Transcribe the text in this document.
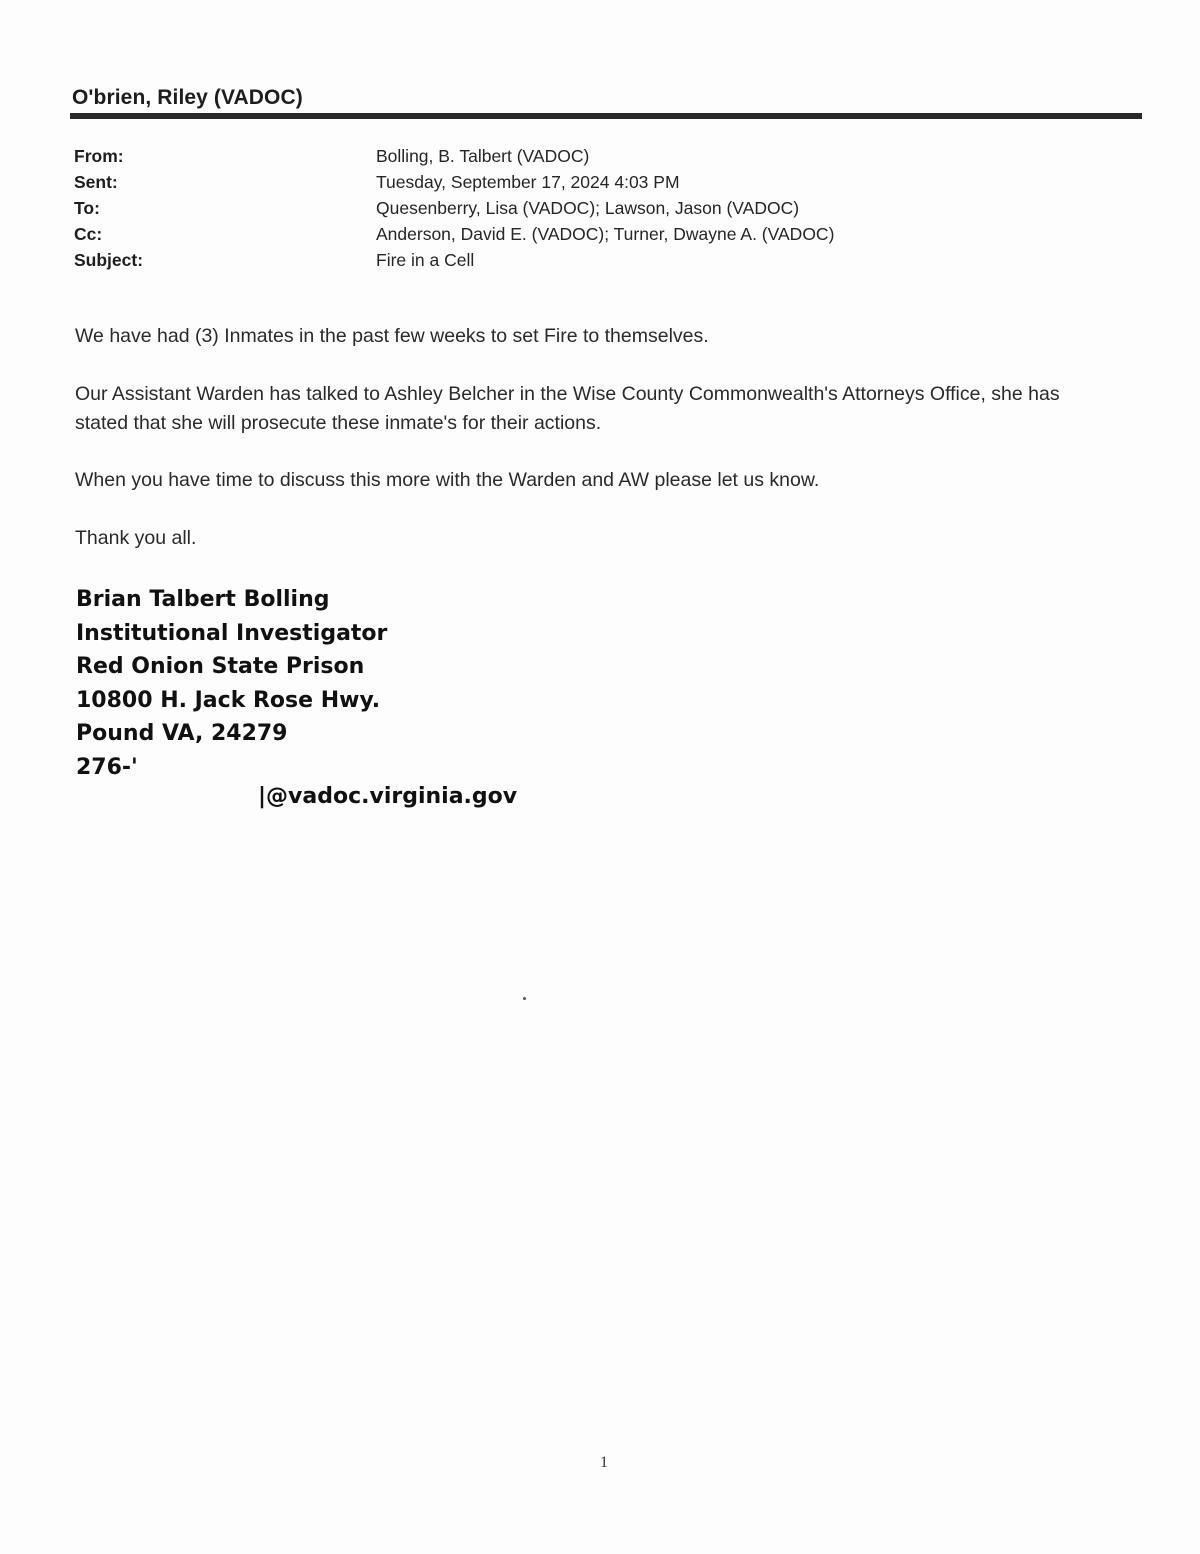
O'brien, Riley (VADOC)
From:	Bolling, B. Talbert (VADOC)
Sent:	Tuesday, September 17, 2024 4:03 PM
To:	Quesenberry, Lisa (VADOC); Lawson, Jason (VADOC)
Cc:	Anderson, David E. (VADOC); Turner, Dwayne A. (VADOC)
Subject:	Fire in a Cell

We have had (3) Inmates in the past few weeks to set Fire to themselves.

Our Assistant Warden has talked to Ashley Belcher in the Wise County Commonwealth's Attorneys Office, she has stated that she will prosecute these inmate's for their actions.

When you have time to discuss this more with the Warden and AW please let us know.

Thank you all.

Brian Talbert Bolling
Institutional Investigator
Red Onion State Prison
10800 H. Jack Rose Hwy.
Pound VA, 24279
276-'
|@vadoc.virginia.gov
1
